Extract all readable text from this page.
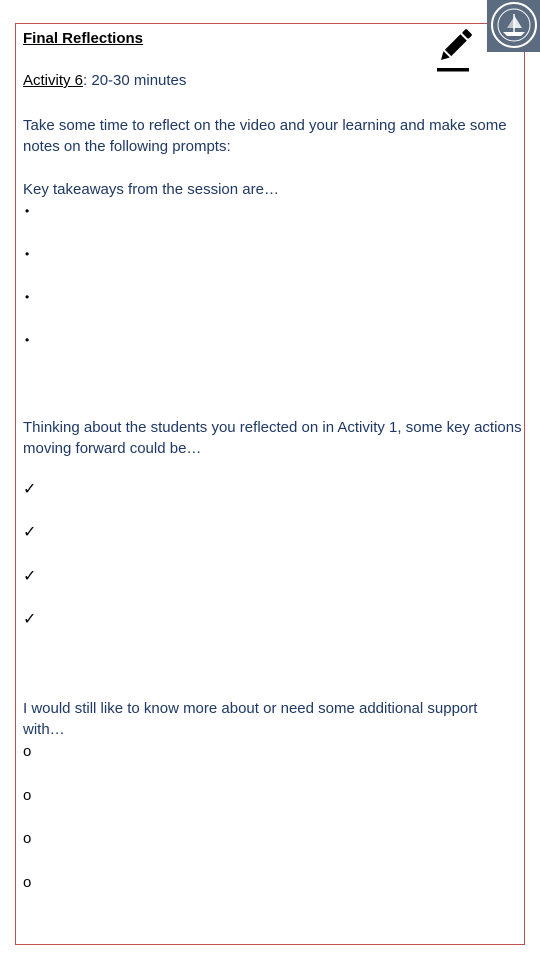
Final Reflections

Activity 6: 20-30 minutes

Take some time to reflect on the video and your learning and make some notes on the following prompts:

Key takeaways from the session are…

•
•
•
•

Thinking about the students you reflected on in Activity 1, some key actions moving forward could be…

✓
✓
✓
✓

I would still like to know more about or need some additional support with…

o
o
o
o
